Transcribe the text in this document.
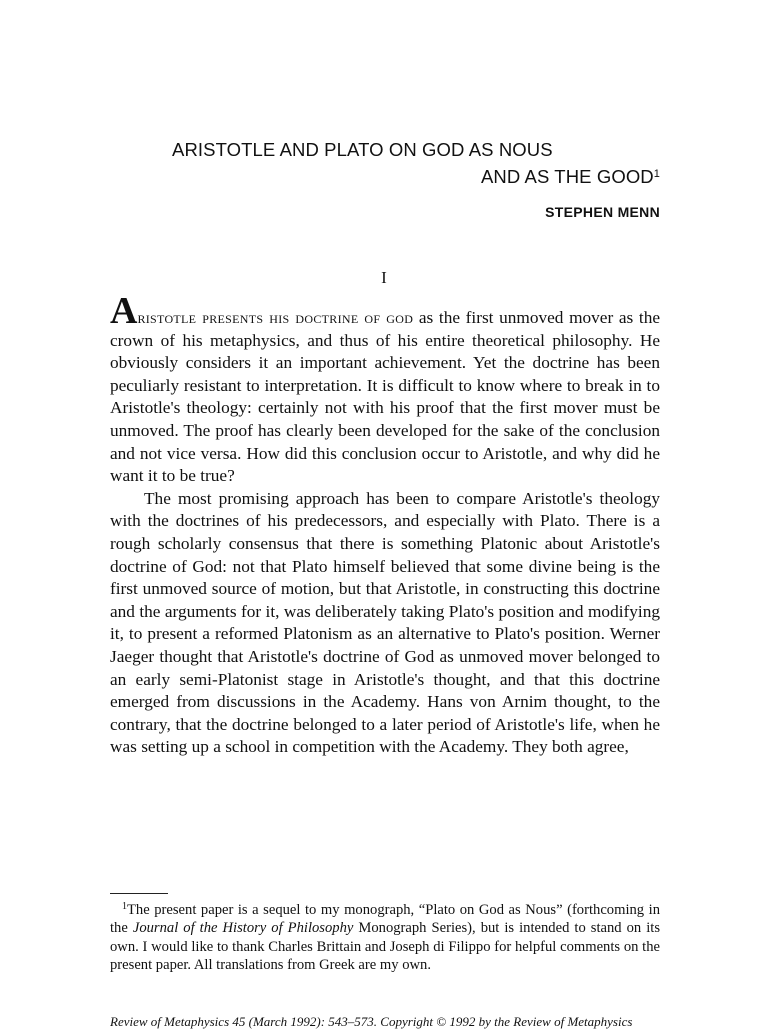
ARISTOTLE AND PLATO ON GOD AS NOUS
AND AS THE GOOD$^1$
STEPHEN MENN
I

Aristotle presents his doctrine of god as the first unmoved mover as the crown of his metaphysics, and thus of his entire theoretical philosophy. He obviously considers it an important achievement. Yet the doctrine has been peculiarly resistant to interpretation. It is difficult to know where to break in to Aristotle's theology: certainly not with his proof that the first mover must be unmoved. The proof has clearly been developed for the sake of the conclusion and not vice versa. How did this conclusion occur to Aristotle, and why did he want it to be true?

The most promising approach has been to compare Aristotle's theology with the doctrines of his predecessors, and especially with Plato. There is a rough scholarly consensus that there is something Platonic about Aristotle's doctrine of God: not that Plato himself believed that some divine being is the first unmoved source of motion, but that Aristotle, in constructing this doctrine and the arguments for it, was deliberately taking Plato's position and modifying it, to present a reformed Platonism as an alternative to Plato's position. Werner Jaeger thought that Aristotle's doctrine of God as unmoved mover belonged to an early semi-Platonist stage in Aristotle's thought, and that this doctrine emerged from discussions in the Academy. Hans von Arnim thought, to the contrary, that the doctrine belonged to a later period of Aristotle's life, when he was setting up a school in competition with the Academy. They both agree,

$^1$The present paper is a sequel to my monograph, “Plato on God as Nous” (forthcoming in the Journal of the History of Philosophy Monograph Series), but is intended to stand on its own. I would like to thank Charles Brittain and Joseph di Filippo for helpful comments on the present paper. All translations from Greek are my own.

Review of Metaphysics 45 (March 1992): 543–573. Copyright © 1992 by the Review of Metaphysics
